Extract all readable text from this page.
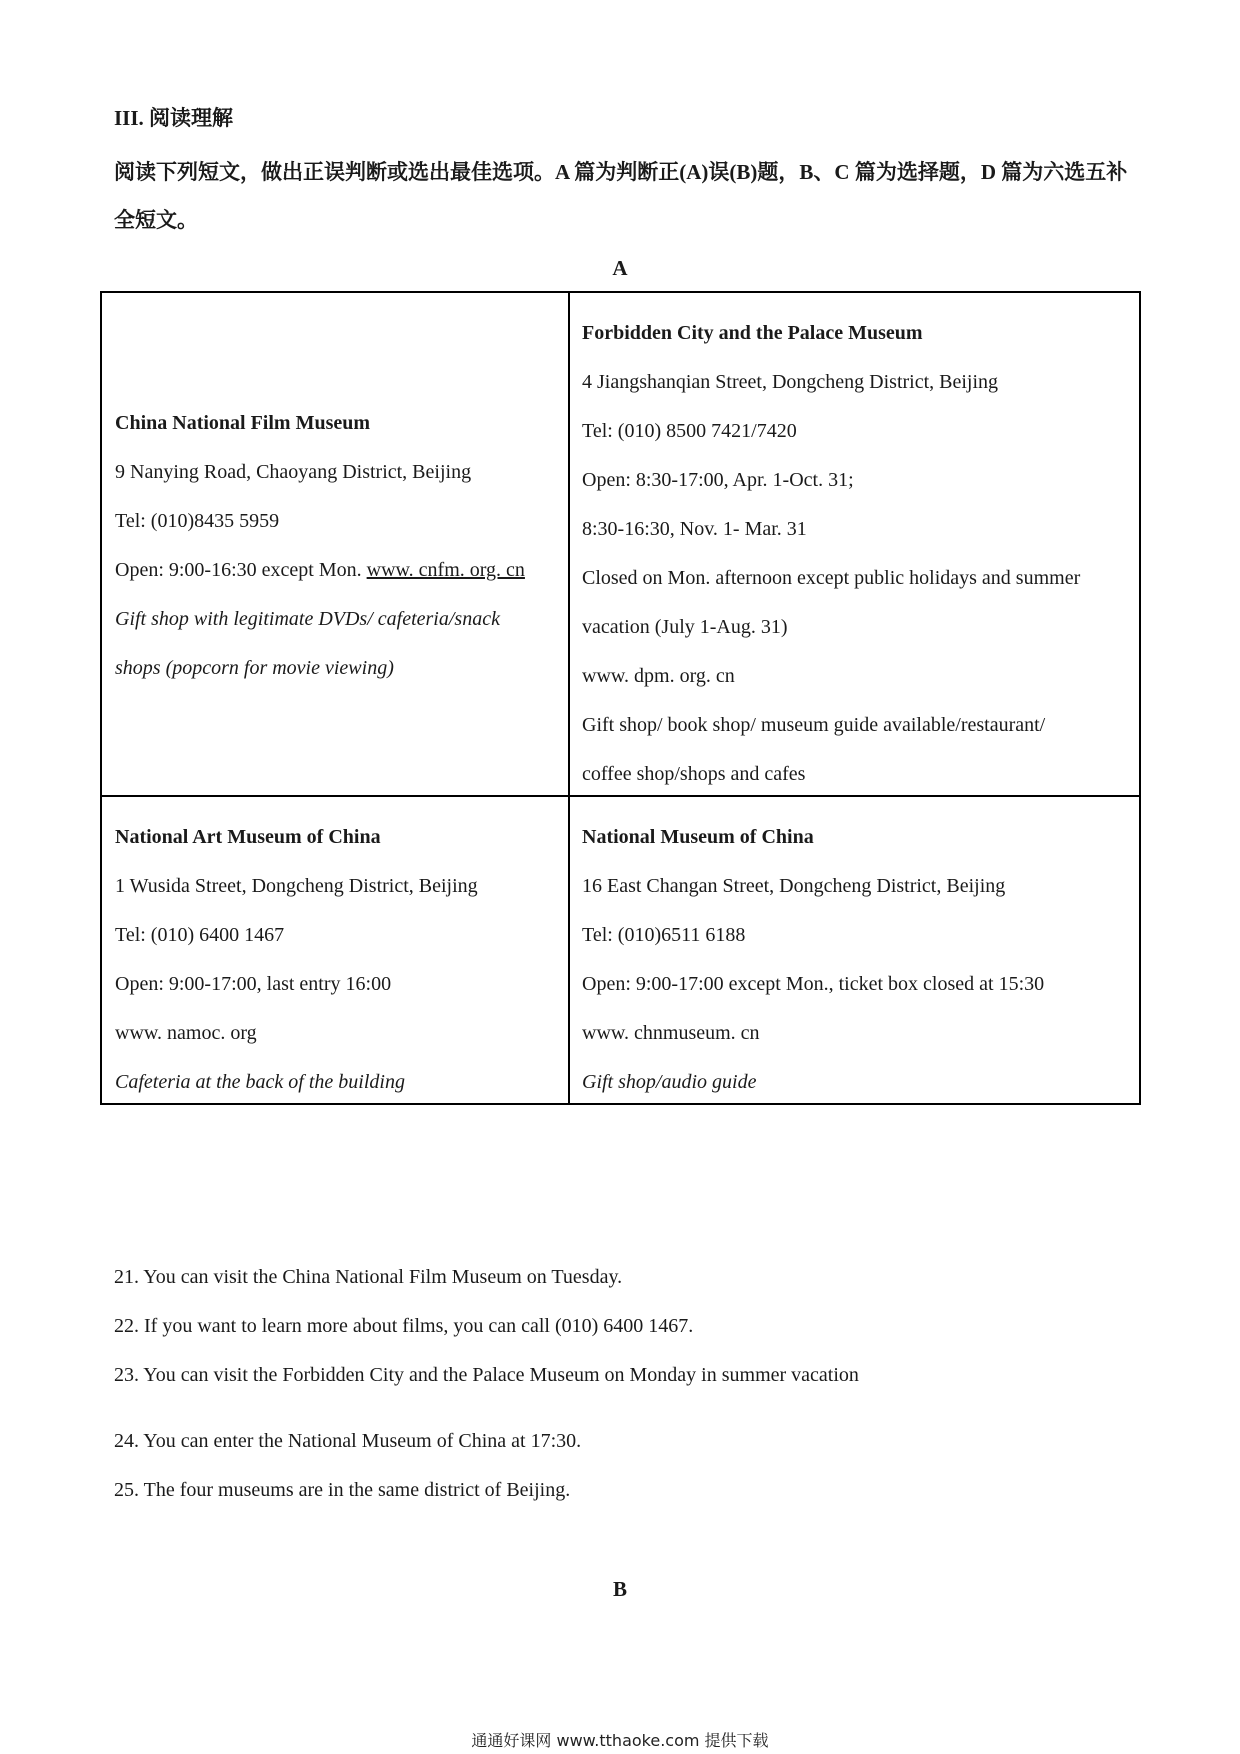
III. 阅读理解
阅读下列短文，做出正误判断或选出最佳选项。A 篇为判断正(A)误(B)题，B、C 篇为选择题，D 篇为六选五补全短文。
A
China National Film Museum
9 Nanying Road, Chaoyang District, Beijing
Tel: (010)8435 5959
Open: 9:00-16:30 except Mon. www. cnfm. org. cn
Gift shop with legitimate DVDs/ cafeteria/snack
shops (popcorn for movie viewing)
Forbidden City and the Palace Museum
4 Jiangshanqian Street, Dongcheng District, Beijing
Tel: (010) 8500 7421/7420
Open: 8:30-17:00, Apr. 1-Oct. 31;
8:30-16:30, Nov. 1- Mar. 31
Closed on Mon. afternoon except public holidays and summer
vacation (July 1-Aug. 31)
www. dpm. org. cn
Gift shop/ book shop/ museum guide available/restaurant/
coffee shop/shops and cafes
National Art Museum of China
1 Wusida Street, Dongcheng District, Beijing
Tel: (010) 6400 1467
Open: 9:00-17:00, last entry 16:00
www. namoc. org
Cafeteria at the back of the building
National Museum of China
16 East Changan Street, Dongcheng District, Beijing
Tel: (010)6511 6188
Open: 9:00-17:00 except Mon., ticket box closed at 15:30
www. chnmuseum. cn
Gift shop/audio guide
21. You can visit the China National Film Museum on Tuesday.
22. If you want to learn more about films, you can call (010) 6400 1467.
23. You can visit the Forbidden City and the Palace Museum on Monday in summer vacation
24. You can enter the National Museum of China at 17:30.
25. The four museums are in the same district of Beijing.
B
通通好课网 www.tthaoke.com 提供下载
